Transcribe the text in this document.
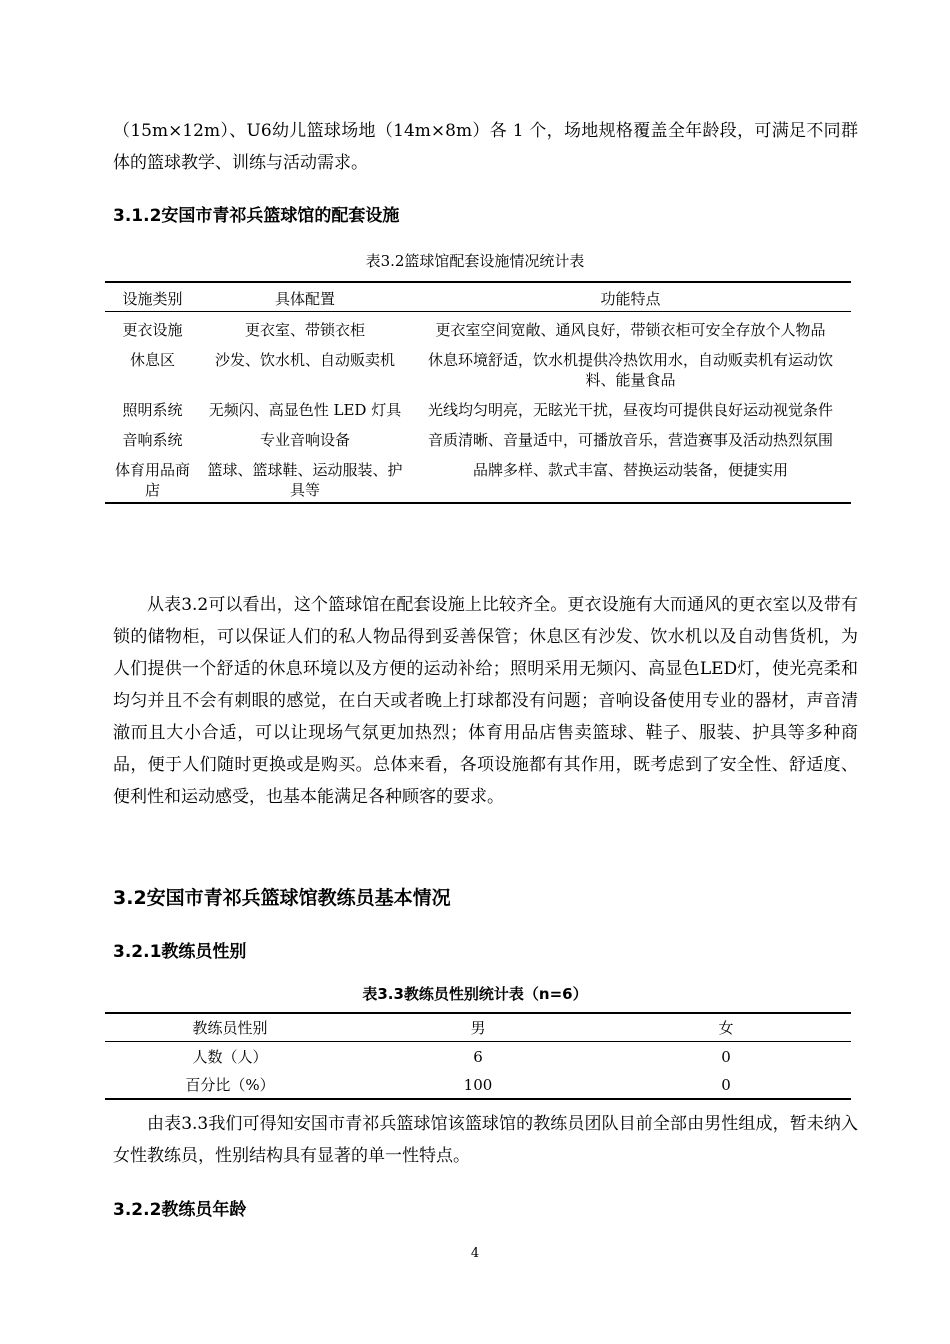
（15m×12m）、U6幼儿篮球场地（14m×8m）各 1 个，场地规格覆盖全年龄段，可满足不同群体的篮球教学、训练与活动需求。

3.1.2安国市青祁兵篮球馆的配套设施

表3.2篮球馆配套设施情况统计表

设施类别	具体配置	功能特点
更衣设施	更衣室、带锁衣柜	更衣室空间宽敞、通风良好，带锁衣柜可安全存放个人物品
休息区	沙发、饮水机、自动贩卖机	休息环境舒适，饮水机提供冷热饮用水，自动贩卖机有运动饮料、能量食品
照明系统	无频闪、高显色性 LED 灯具	光线均匀明亮，无眩光干扰，昼夜均可提供良好运动视觉条件
音响系统	专业音响设备	音质清晰、音量适中，可播放音乐，营造赛事及活动热烈氛围
体育用品商店	篮球、篮球鞋、运动服装、护具等	品牌多样、款式丰富、替换运动装备，便捷实用

从表3.2可以看出，这个篮球馆在配套设施上比较齐全。更衣设施有大而通风的更衣室以及带有锁的储物柜，可以保证人们的私人物品得到妥善保管；休息区有沙发、饮水机以及自动售货机，为人们提供一个舒适的休息环境以及方便的运动补给；照明采用无频闪、高显色LED灯，使光亮柔和均匀并且不会有刺眼的感觉，在白天或者晚上打球都没有问题；音响设备使用专业的器材，声音清澈而且大小合适，可以让现场气氛更加热烈；体育用品店售卖篮球、鞋子、服装、护具等多种商品，便于人们随时更换或是购买。总体来看，各项设施都有其作用，既考虑到了安全性、舒适度、便利性和运动感受，也基本能满足各种顾客的要求。

3.2安国市青祁兵篮球馆教练员基本情况
3.2.1教练员性别

表3.3教练员性别统计表（n=6）

教练员性别	男	女
人数（人）	6	0
百分比（%）	100	0

由表3.3我们可得知安国市青祁兵篮球馆该篮球馆的教练员团队目前全部由男性组成，暂未纳入女性教练员，性别结构具有显著的单一性特点。

3.2.2教练员年龄

4
